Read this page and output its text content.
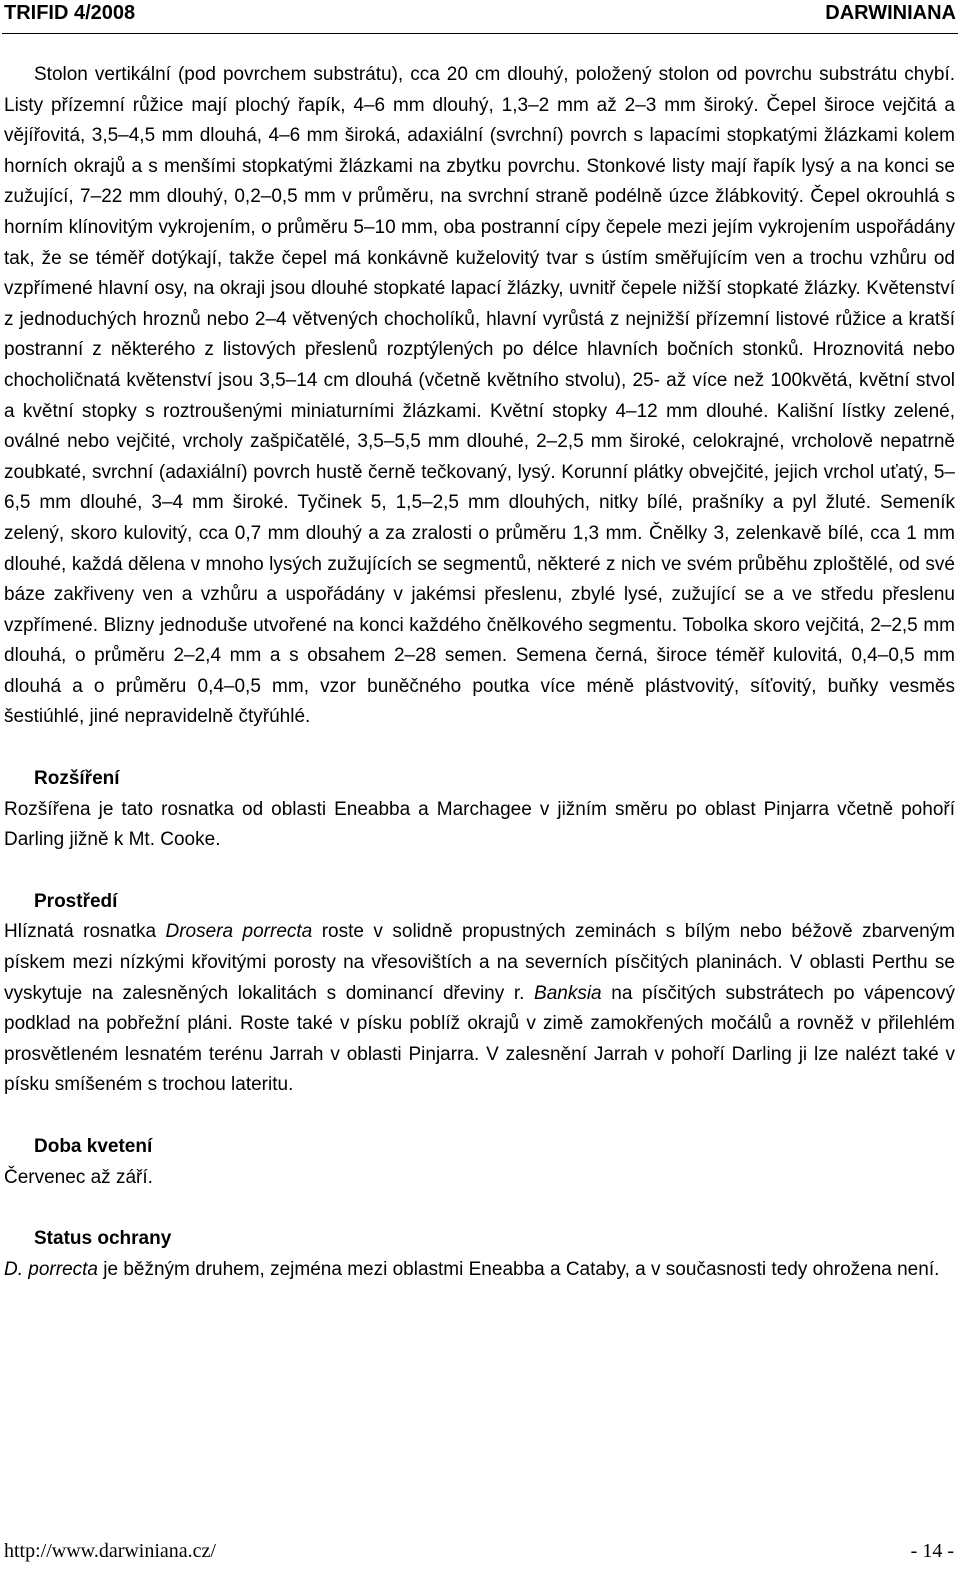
TRIFID 4/2008	DARWINIANA

Stolon vertikální (pod povrchem substrátu), cca 20 cm dlouhý, položený stolon od povrchu substrátu chybí. Listy přízemní růžice mají plochý řapík, 4–6 mm dlouhý, 1,3–2 mm až 2–3 mm široký. Čepel široce vejčitá a vějířovitá, 3,5–4,5 mm dlouhá, 4–6 mm široká, adaxiální (svrchní) povrch s lapacími stopkatými žlázkami kolem horních okrajů a s menšími stopkatými žlázkami na zbytku povrchu. Stonkové listy mají řapík lysý a na konci se zužující, 7–22 mm dlouhý, 0,2–0,5 mm v průměru, na svrchní straně podélně úzce žlábkovitý. Čepel okrouhlá s horním klínovitým vykrojením, o průměru 5–10 mm, oba postranní cípy čepele mezi jejím vykrojením uspořádány tak, že se téměř dotýkají, takže čepel má konkávně kuželovitý tvar s ústím směřujícím ven a trochu vzhůru od vzpřímené hlavní osy, na okraji jsou dlouhé stopkaté lapací žlázky, uvnitř čepele nižší stopkaté žlázky. Květenství z jednoduchých hroznů nebo 2–4 větvených chocholíků, hlavní vyrůstá z nejnižší přízemní listové růžice a kratší postranní z některého z listových přeslenů rozptýlených po délce hlavních bočních stonků. Hroznovitá nebo chocholičnatá květenství jsou 3,5–14 cm dlouhá (včetně květního stvolu), 25- až více než 100květá, květní stvol a květní stopky s roztroušenými miniaturními žlázkami. Květní stopky 4–12 mm dlouhé. Kališní lístky zelené, oválné nebo vejčité, vrcholy zašpičatělé, 3,5–5,5 mm dlouhé, 2–2,5 mm široké, celokrajné, vrcholově nepatrně zoubkaté, svrchní (adaxiální) povrch hustě černě tečkovaný, lysý. Korunní plátky obvejčité, jejich vrchol uťatý, 5–6,5 mm dlouhé, 3–4 mm široké. Tyčinek 5, 1,5–2,5 mm dlouhých, nitky bílé, prašníky a pyl žluté. Semeník zelený, skoro kulovitý, cca 0,7 mm dlouhý a za zralosti o průměru 1,3 mm. Čnělky 3, zelenkavě bílé, cca 1 mm dlouhé, každá dělena v mnoho lysých zužujících se segmentů, některé z nich ve svém průběhu zploštělé, od své báze zakřiveny ven a vzhůru a uspořádány v jakémsi přeslenu, zbylé lysé, zužující se a ve středu přeslenu vzpřímené. Blizny jednoduše utvořené na konci každého čnělkového segmentu. Tobolka skoro vejčitá, 2–2,5 mm dlouhá, o průměru 2–2,4 mm a s obsahem 2–28 semen. Semena černá, široce téměř kulovitá, 0,4–0,5 mm dlouhá a o průměru 0,4–0,5 mm, vzor buněčného poutka více méně plástvovitý, síťovitý, buňky vesměs šestiúhlé, jiné nepravidelně čtyřúhlé.

Rozšíření

Rozšířena je tato rosnatka od oblasti Eneabba a Marchagee v jižním směru po oblast Pinjarra včetně pohoří Darling jižně k Mt. Cooke.

Prostředí

Hlíznatá rosnatka Drosera porrecta roste v solidně propustných zeminách s bílým nebo béžově zbarveným pískem mezi nízkými křovitými porosty na vřesovištích a na severních písčitých planinách. V oblasti Perthu se vyskytuje na zalesněných lokalitách s dominancí dřeviny r. Banksia na písčitých substrátech po vápencový podklad na pobřežní pláni. Roste také v písku poblíž okrajů v zimě zamokřených močálů a rovněž v přilehlém prosvětleném lesnatém terénu Jarrah v oblasti Pinjarra. V zalesnění Jarrah v pohoří Darling ji lze nalézt také v písku smíšeném s trochou lateritu.

Doba kvetení

Červenec až září.

Status ochrany

D. porrecta je běžným druhem, zejména mezi oblastmi Eneabba a Cataby, a v současnosti tedy ohrožena není.

http://www.darwiniana.cz/	- 14 -
